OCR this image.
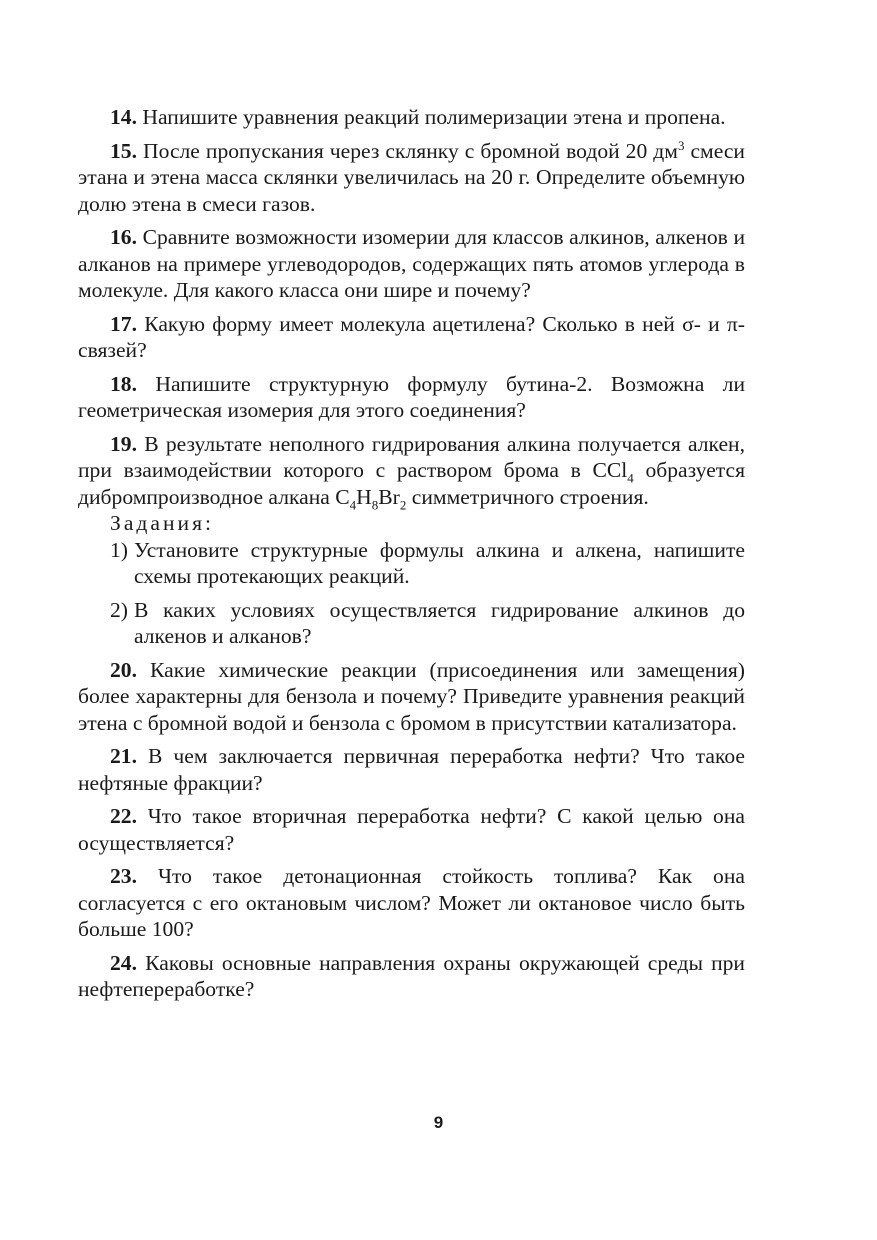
14. Напишите уравнения реакций полимеризации этена и пропена.

15. После пропускания через склянку с бромной водой 20 $дм^3$ смеси этана и этена масса склянки увеличилась на 20 г. Определите объемную долю этена в смеси газов.

16. Сравните возможности изомерии для классов алкинов, алкенов и алканов на примере углеводородов, содержащих пять атомов углерода в молекуле. Для какого класса они шире и почему?

17. Какую форму имеет молекула ацетилена? Сколько в ней σ- и π-связей?

18. Напишите структурную формулу бутина-2. Возможна ли геометрическая изомерия для этого соединения?

19. В результате неполного гидрирования алкина получается алкен, при взаимодействии которого с раствором брома в CCl$_4$ образуется дибромпроизводное алкана $C_4H_8Br_2$ симметричного строения.

Задания:

1) Установите структурные формулы алкина и алкена, напишите схемы протекающих реакций.
2) В каких условиях осуществляется гидрирование алкинов до алкенов и алканов?

20. Какие химические реакции (присоединения или замещения) более характерны для бензола и почему? Приведите уравнения реакций этена с бромной водой и бензола с бромом в присутствии катализатора.

21. В чем заключается первичная переработка нефти? Что такое нефтяные фракции?

22. Что такое вторичная переработка нефти? С какой целью она осуществляется?

23. Что такое детонационная стойкость топлива? Как она согласуется с его октановым числом? Может ли октановое число быть больше 100?

24. Каковы основные направления охраны окружающей среды при нефтепереработке?

9
